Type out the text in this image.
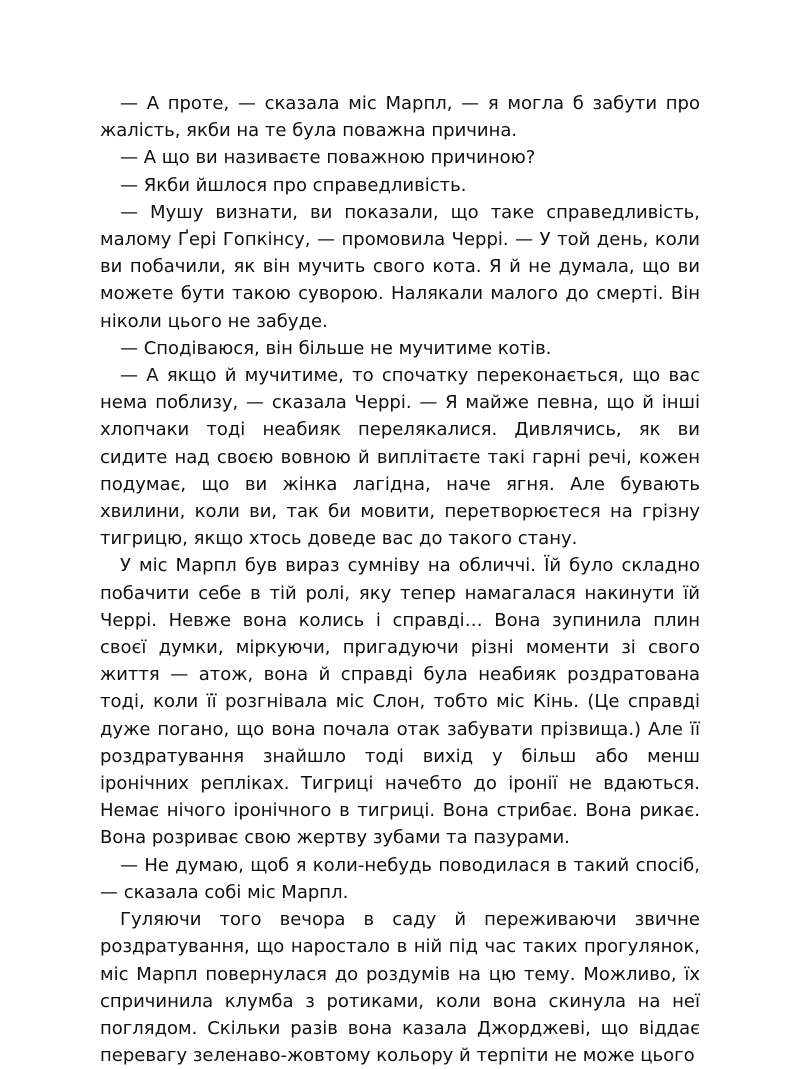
— А проте, — сказала міс Марпл, — я могла б забути про жалість, якби на те була поважна причина.

— А що ви називаєте поважною причиною?

— Якби йшлося про справедливість.

— Мушу визнати, ви показали, що таке справедливість, малому Ґері Гопкінсу, — промовила Черрі. — У той день, коли ви побачили, як він мучить свого кота. Я й не думала, що ви можете бути такою суворою. Налякали малого до смерті. Він ніколи цього не забуде.

— Сподіваюся, він більше не мучитиме котів.

— А якщо й мучитиме, то спочатку переконається, що вас нема поблизу, — сказала Черрі. — Я майже певна, що й інші хлопчаки тоді неабияк перелякалися. Дивлячись, як ви сидите над своєю вовною й виплітаєте такі гарні речі, кожен подумає, що ви жінка лагідна, наче ягня. Але бувають хвилини, коли ви, так би мовити, перетворюєтеся на грізну тигрицю, якщо хтось доведе вас до такого стану.

У міс Марпл був вираз сумніву на обличчі. Їй було складно побачити себе в тій ролі, яку тепер намагалася накинути їй Черрі. Невже вона колись і справді… Вона зупинила плин своєї думки, міркуючи, пригадуючи різні моменти зі свого життя — атож, вона й справді була неабияк роздратована тоді, коли її розгнівала міс Слон, тобто міс Кінь. (Це справді дуже погано, що вона почала отак забувати прізвища.) Але її роздратування знайшло тоді вихід у більш або менш іронічних репліках. Тигриці начебто до іронії не вдаються. Немає нічого іронічного в тигриці. Вона стрибає. Вона рикає. Вона розриває свою жертву зубами та пазурами.

— Не думаю, щоб я коли-небудь поводилася в такий спосіб, — сказала собі міс Марпл.

Гуляючи того вечора в саду й переживаючи звичне роздратування, що наростало в ній під час таких прогулянок, міс Марпл повернулася до роздумів на цю тему. Можливо, їх спричинила клумба з ротиками, коли вона скинула на неї поглядом. Скільки разів вона казала Джорджеві, що віддає перевагу зеленаво-жовтому кольору й терпіти не може цього
